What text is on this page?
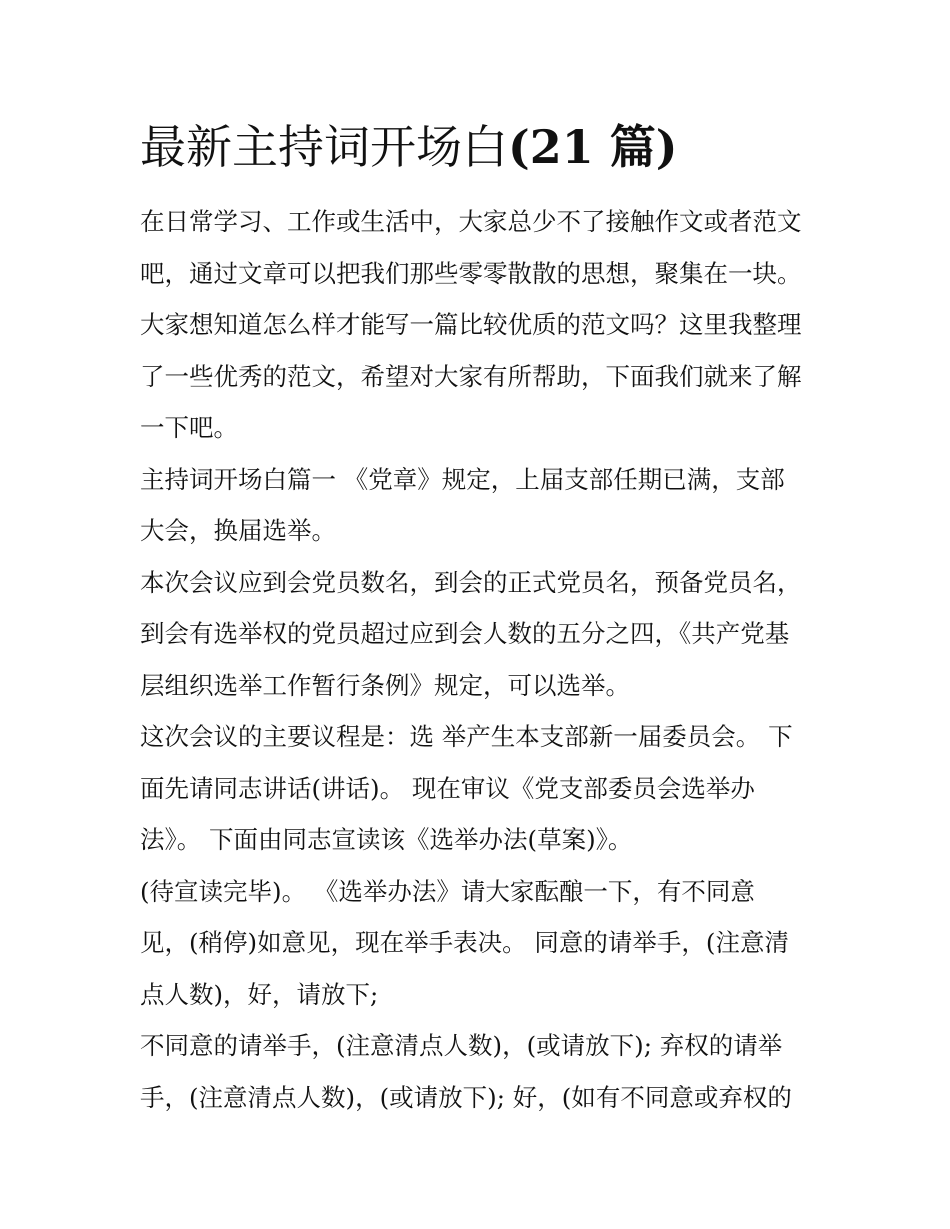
最新主持词开场白(21 篇)
在日常学习、工作或生活中，大家总少不了接触作文或者范文
吧，通过文章可以把我们那些零零散散的思想，聚集在一块。
大家想知道怎么样才能写一篇比较优质的范文吗？这里我整理
了一些优秀的范文，希望对大家有所帮助，下面我们就来了解
一下吧。
主持词开场白篇一 《党章》规定，上届支部任期已满，支部
大会，换届选举。
本次会议应到会党员数名，到会的正式党员名，预备党员名，
到会有选举权的党员超过应到会人数的五分之四，《共产党基
层组织选举工作暂行条例》规定，可以选举。
这次会议的主要议程是：选 举产生本支部新一届委员会。 下
面先请同志讲话(讲话)。 现在审议《党支部委员会选举办
法》。 下面由同志宣读该《选举办法(草案)》。
(待宣读完毕)。 《选举办法》请大家酝酿一下，有不同意
见，(稍停)如意见，现在举手表决。 同意的请举手，(注意清
点人数)，好，请放下;
不同意的请举手，(注意清点人数)，(或请放下); 弃权的请举
手，(注意清点人数)，(或请放下); 好，(如有不同意或弃权的
